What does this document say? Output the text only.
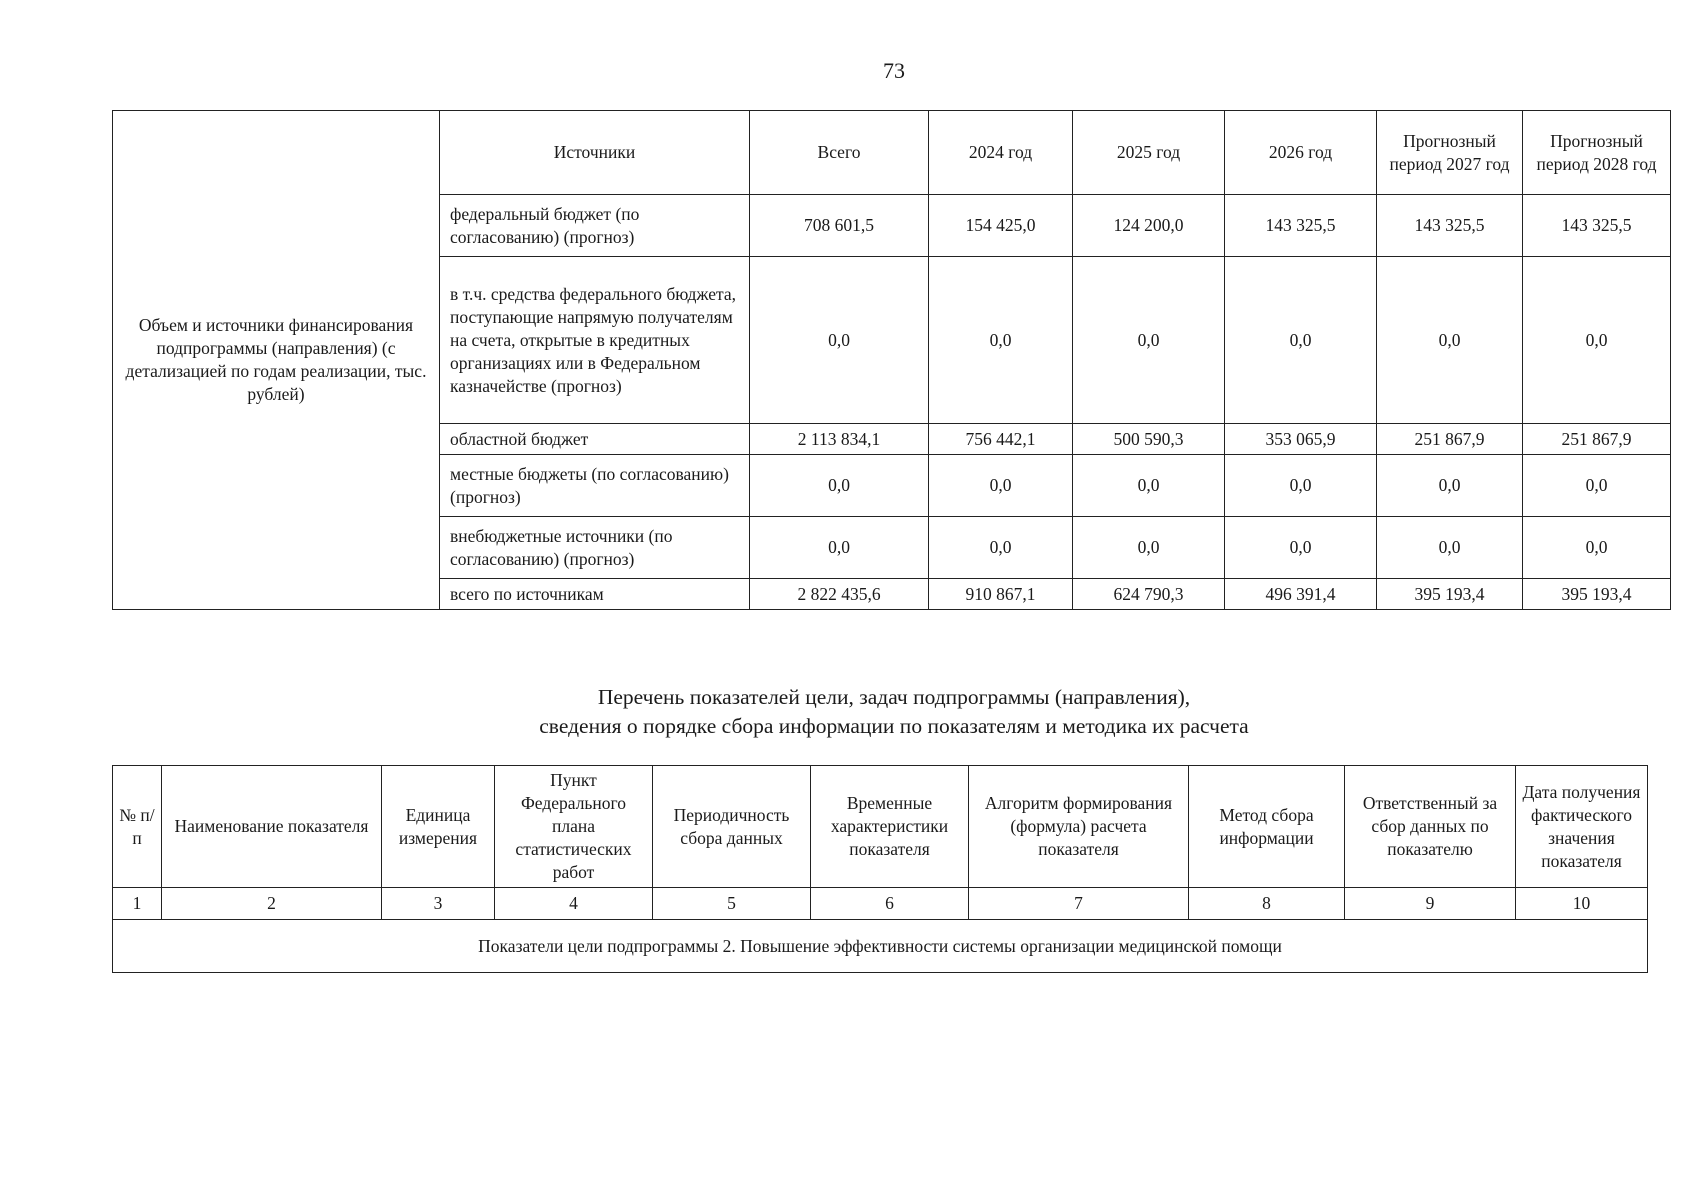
73
Объем и источники финансирования подпрограммы (направления) (с детализацией по годам реализации, тыс. рублей)	Источники	Всего	2024 год	2025 год	2026 год	Прогнозный период 2027 год	Прогнозный период 2028 год
	федеральный бюджет (по согласованию) (прогноз)	708 601,5	154 425,0	124 200,0	143 325,5	143 325,5	143 325,5
	в т.ч. средства федерального бюджета, поступающие напрямую получателям на счета, открытые в кредитных организациях или в Федеральном казначействе (прогноз)	0,0	0,0	0,0	0,0	0,0	0,0
	областной бюджет	2 113 834,1	756 442,1	500 590,3	353 065,9	251 867,9	251 867,9
	местные бюджеты (по согласованию) (прогноз)	0,0	0,0	0,0	0,0	0,0	0,0
	внебюджетные источники (по согласованию) (прогноз)	0,0	0,0	0,0	0,0	0,0	0,0
	всего по источникам	2 822 435,6	910 867,1	624 790,3	496 391,4	395 193,4	395 193,4
Перечень показателей цели, задач подпрограммы (направления),
сведения о порядке сбора информации по показателям и методика их расчета
№ п/п	Наименование показателя	Единица измерения	Пункт Федерального плана статистических работ	Периодичность сбора данных	Временные характеристики показателя	Алгоритм формирования (формула) расчета показателя	Метод сбора информации	Ответственный за сбор данных по показателю	Дата получения фактического значения показателя
1	2	3	4	5	6	7	8	9	10
Показатели цели подпрограммы 2. Повышение эффективности системы организации медицинской помощи									
